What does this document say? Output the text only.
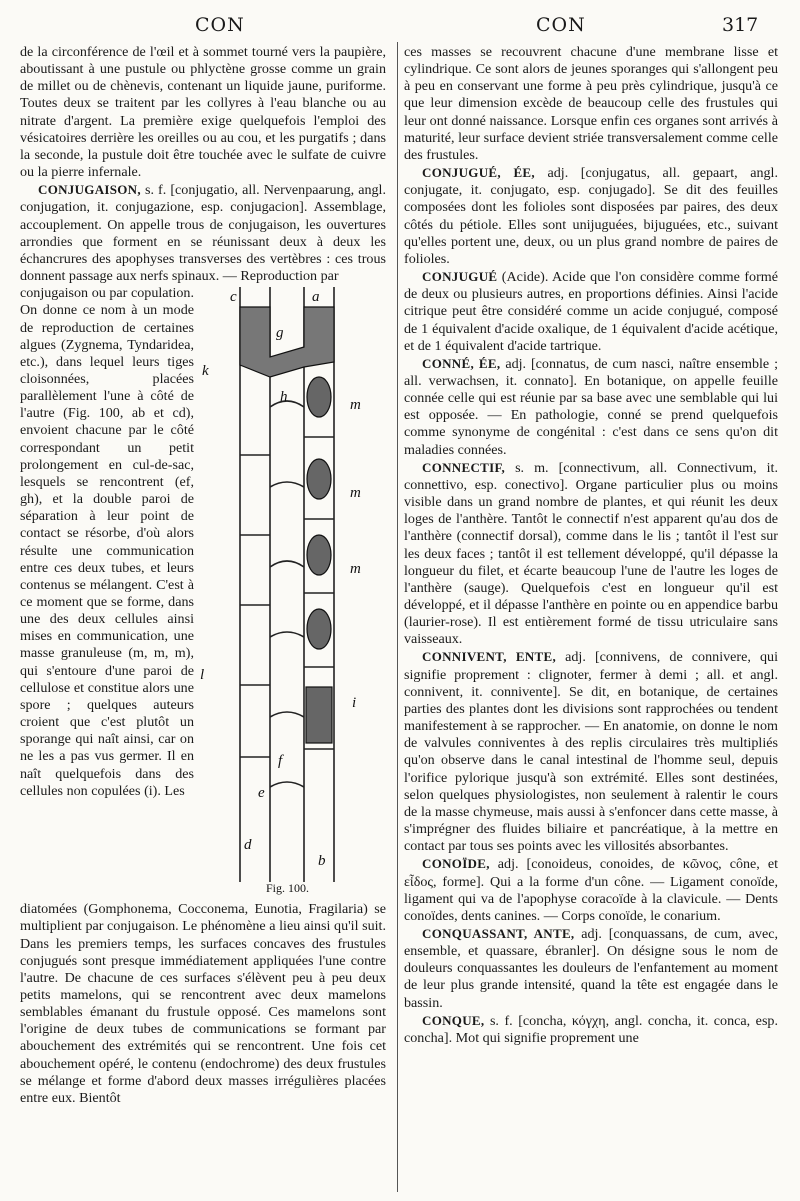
CON	CON	317

de la circonférence de l'œil et à sommet tourné vers la paupière, aboutissant à une pustule ou phlyctène grosse comme un grain de millet ou de chènevis, contenant un liquide jaune, puriforme. Toutes deux se traitent par les collyres à l'eau blanche ou au nitrate d'argent. La première exige quelquefois l'emploi des vésicatoires derrière les oreilles ou au cou, et les purgatifs ; dans la seconde, la pustule doit être touchée avec le sulfate de cuivre ou la pierre infernale.

CONJUGAISON, s. f. [conjugatio, all. Nervenpaarung, angl. conjugation, it. conjugazione, esp. conjugacion]. Assemblage, accouplement. On appelle trous de conjugaison, les ouvertures arrondies que forment en se réunissant deux à deux les échancrures des apophyses transverses des vertèbres : ces trous donnent passage aux nerfs spinaux. — Reproduction par

c	a
g
k
h	m
m
m
l
i
f
e
d
b
Fig. 100.

conjugaison ou par copulation. On donne ce nom à un mode de reproduction de certaines algues (Zygnema, Tyndaridea, etc.), dans lequel leurs tiges cloisonnées, placées parallèlement l'une à côté de l'autre (Fig. 100, ab et cd), envoient chacune par le côté correspondant un petit prolongement en cul-de-sac, lesquels se rencontrent (ef, gh), et la double paroi de séparation à leur point de contact se résorbe, d'où alors résulte une communication entre ces deux tubes, et leurs contenus se mélangent. C'est à ce moment que se forme, dans une des deux cellules ainsi mises en communication, une masse granuleuse (m, m, m), qui s'entoure d'une paroi de cellulose et constitue alors une spore ; quelques auteurs croient que c'est plutôt un sporange qui naît ainsi, car on ne les a pas vus germer. Il en naît quelquefois dans des cellules non copulées (i). Les

diatomées (Gomphonema, Cocconema, Eunotia, Fragilaria) se multiplient par conjugaison. Le phénomène a lieu ainsi qu'il suit. Dans les premiers temps, les surfaces concaves des frustules conjugués sont presque immédiatement appliquées l'une contre l'autre. De chacune de ces surfaces s'élèvent peu à peu deux petits mamelons, qui se rencontrent avec deux mamelons semblables émanant du frustule opposé. Ces mamelons sont l'origine de deux tubes de communications se formant par abouchement des extrémités qui se rencontrent. Une fois cet abouchement opéré, le contenu (endochrome) des deux frustules se mélange et forme d'abord deux masses irrégulières placées entre eux. Bientôt

ces masses se recouvrent chacune d'une membrane lisse et cylindrique. Ce sont alors de jeunes sporanges qui s'allongent peu à peu en conservant une forme à peu près cylindrique, jusqu'à ce que leur dimension excède de beaucoup celle des frustules qui leur ont donné naissance. Lorsque enfin ces organes sont arrivés à maturité, leur surface devient striée transversalement comme celle des frustules.

CONJUGUÉ, ÉE, adj. [conjugatus, all. gepaart, angl. conjugate, it. conjugato, esp. conjugado]. Se dit des feuilles composées dont les folioles sont disposées par paires, des deux côtés du pétiole. Elles sont unijuguées, bijuguées, etc., suivant qu'elles portent une, deux, ou un plus grand nombre de paires de folioles.

CONJUGUÉ (Acide). Acide que l'on considère comme formé de deux ou plusieurs autres, en proportions définies. Ainsi l'acide citrique peut être considéré comme un acide conjugué, composé de 1 équivalent d'acide oxalique, de 1 équivalent d'acide acétique, et de 1 équivalent d'acide tartrique.

CONNÉ, ÉE, adj. [connatus, de cum nasci, naître ensemble ; all. verwachsen, it. connato]. En botanique, on appelle feuille connée celle qui est réunie par sa base avec une semblable qui lui est opposée. — En pathologie, conné se prend quelquefois comme synonyme de congénital : c'est dans ce sens qu'on dit maladies connées.

CONNECTIF, s. m. [connectivum, all. Connectivum, it. connettivo, esp. conectivo]. Organe particulier plus ou moins visible dans un grand nombre de plantes, et qui réunit les deux loges de l'anthère. Tantôt le connectif n'est apparent qu'au dos de l'anthère (connectif dorsal), comme dans le lis ; tantôt il l'est sur les deux faces ; tantôt il est tellement développé, qu'il dépasse la longueur du filet, et écarte beaucoup l'une de l'autre les loges de l'anthère (sauge). Quelquefois c'est en longueur qu'il est développé, et il dépasse l'anthère en pointe ou en appendice barbu (laurier-rose). Il est entièrement formé de tissu utriculaire sans vaisseaux.

CONNIVENT, ENTE, adj. [connivens, de connivere, qui signifie proprement : clignoter, fermer à demi ; all. et angl. connivent, it. connivente]. Se dit, en botanique, de certaines parties des plantes dont les divisions sont rapprochées ou tendent manifestement à se rapprocher. — En anatomie, on donne le nom de valvules conniventes à des replis circulaires très multipliés qu'on observe dans le canal intestinal de l'homme seul, depuis l'orifice pylorique jusqu'à son extrémité. Elles sont destinées, selon quelques physiologistes, non seulement à ralentir le cours de la masse chymeuse, mais aussi à s'enfoncer dans cette masse, à s'imprégner des fluides biliaire et pancréatique, à la mettre en contact par tous ses points avec les villosités absorbantes.

CONOÏDE, adj. [conoideus, conoides, de κῶνος, cône, et εἶδος, forme]. Qui a la forme d'un cône. — Ligament conoïde, ligament qui va de l'apophyse coracoïde à la clavicule. — Dents conoïdes, dents canines. — Corps conoïde, le conarium.

CONQUASSANT, ANTE, adj. [conquassans, de cum, avec, ensemble, et quassare, ébranler]. On désigne sous le nom de douleurs conquassantes les douleurs de l'enfantement au moment de leur plus grande intensité, quand la tête est engagée dans le bassin.

CONQUE, s. f. [concha, κόγχη, angl. concha, it. conca, esp. concha]. Mot qui signifie proprement une
